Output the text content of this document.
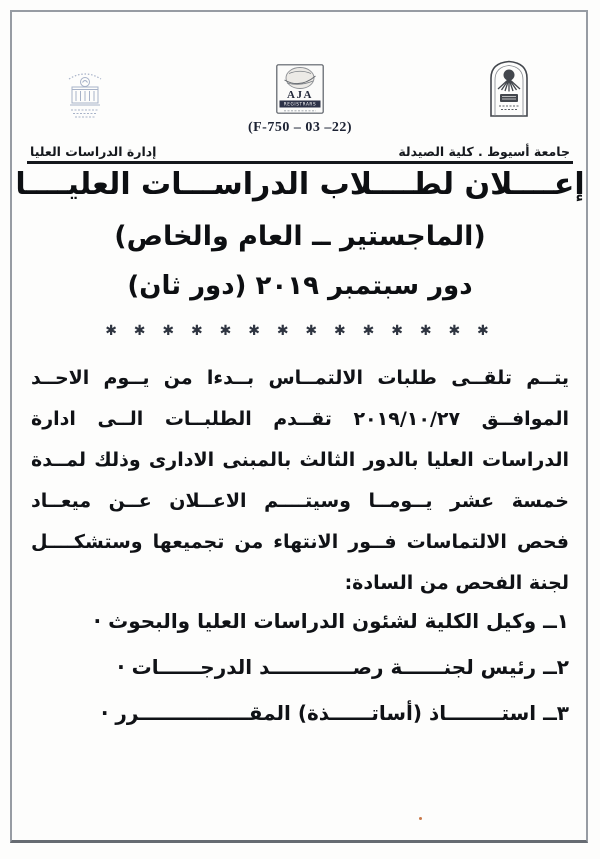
AJA
REGISTRARS
(F-750 – 03 –22)
جامعة أسيوط . كلية الصيدلة
إدارة الدراسات العليا
إعــــلان لطــــلاب الدراســـات العليــــا
(الماجستير ــ العام والخاص)
دور سبتمبر ٢٠١٩ (دور ثان)
✱ ✱ ✱ ✱ ✱ ✱ ✱ ✱ ✱ ✱ ✱ ✱ ✱ ✱
يتــم تلقــى طلبات الالتمــاس بــدءا من يــوم الاحــد
الموافــق ٢٠١٩/١٠/٢٧ تقــدم الطلبــات الــى ادارة
الدراسات العليا بالدور الثالث بالمبنى الادارى وذلك لمــدة
خمسة عشر يــومــا وسيتــــم الاعــلان عــن ميعــاد
فحص الالتماسات فــور الانتهاء من تجميعها وستشكــــل
لجنة الفحص من السادة:
١ــ وكيل الكلية لشئون الدراسات العليا والبحوث ·
٢ــ رئيس لجنــــــة رصــــــــــــد الدرجــــــات ·
٣ــ استــــــــاذ (أساتــــــذة) المقــــــــــــــــرر ·
